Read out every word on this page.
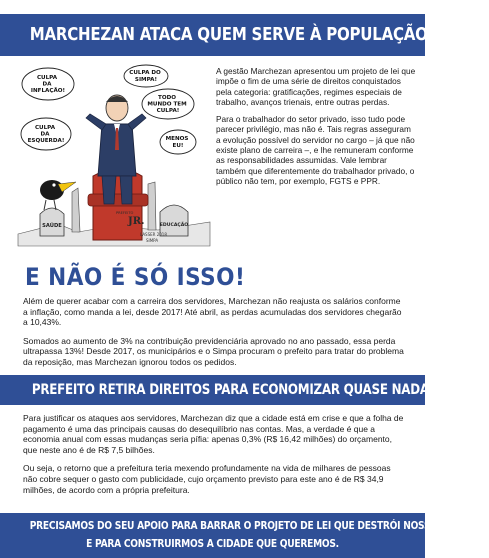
MARCHEZAN ATACA QUEM SERVE À POPULAÇÃO
SAÚDE	EDUCAÇÃO
JR.
PREFEITO
CULPA DA INFLAÇÃO!
CULPA DO SIMPA!
TODO MUNDO TEM CULPA!
CULPA DA ESQUERDA!	MENOS EU!
LASSER 2018
SIMPA

A gestão Marchezan apresentou um projeto de lei que impõe o fim de uma série de direitos conquistados pela categoria: gratificações, regimes especiais de trabalho, avanços trienais, entre outras perdas.

Para o trabalhador do setor privado, isso tudo pode parecer privilégio, mas não é. Tais regras asseguram a evolução possível do servidor no cargo – já que não existe plano de carreira –, e lhe remuneram conforme as responsabilidades assumidas. Vale lembrar também que diferentemente do trabalhador privado, o público não tem, por exemplo, FGTS e PPR.

E NÃO É SÓ ISSO!

Além de querer acabar com a carreira dos servidores, Marchezan não reajusta os salários conforme a inflação, como manda a lei, desde 2017! Até abril, as perdas acumuladas dos servidores chegarão a 10,43%.

Somados ao aumento de 3% na contribuição previdenciária aprovado no ano passado, essa perda ultrapassa 13%! Desde 2017, os municipários e o Simpa procuram o prefeito para tratar do problema da reposição, mas Marchezan ignorou todos os pedidos.

PREFEITO RETIRA DIREITOS PARA ECONOMIZAR QUASE NADA!

Para justificar os ataques aos servidores, Marchezan diz que a cidade está em crise e que a folha de pagamento é uma das principais causas do desequilíbrio nas contas. Mas, a verdade é que a economia anual com essas mudanças seria pífia: apenas 0,3% (R$ 16,42 milhões) do orçamento, que neste ano é de R$ 7,5 bilhões.

Ou seja, o retorno que a prefeitura teria mexendo profundamente na vida de milhares de pessoas não cobre sequer o gasto com publicidade, cujo orçamento previsto para este ano é de R$ 34,9 milhões, de acordo com a própria prefeitura.

PRECISAMOS DO SEU APOIO PARA BARRAR O PROJETO DE LEI QUE DESTRÓI NOSSA CARREIRA
E PARA CONSTRUIRMOS A CIDADE QUE QUEREMOS.
